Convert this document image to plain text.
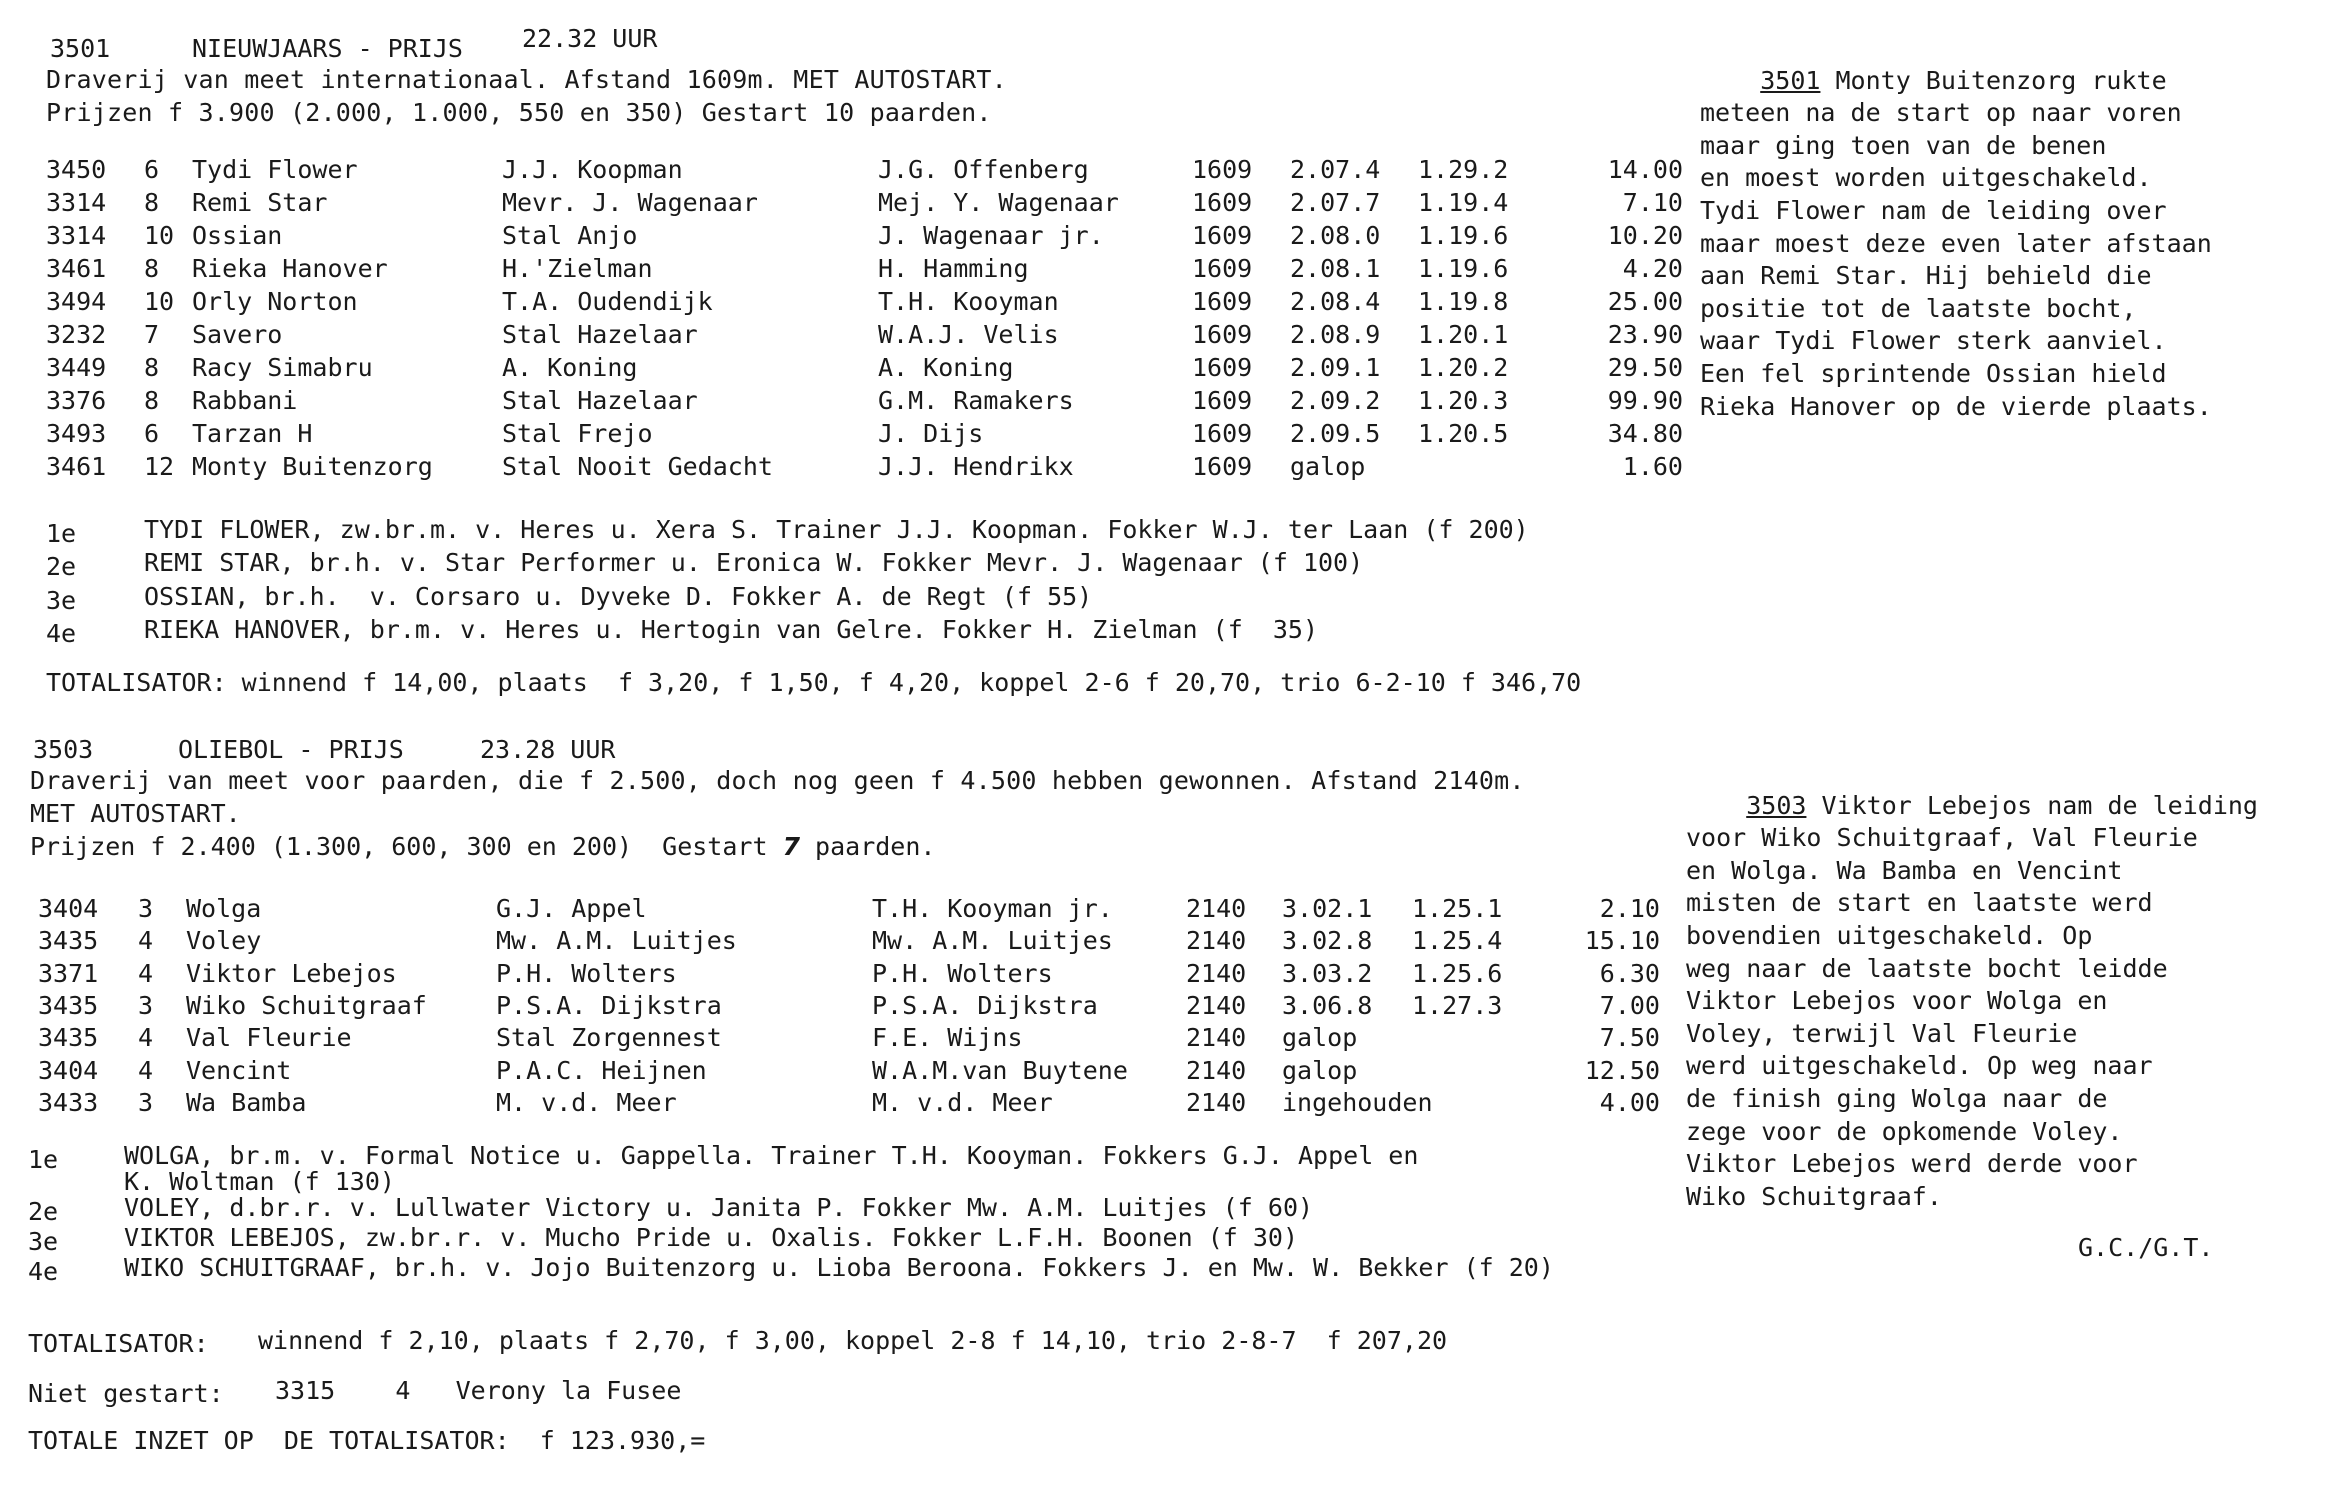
3501	NIEUWJAARS - PRIJS 22.32 UUR
Draverij van meet internationaal. Afstand 1609m. MET AUTOSTART.
Prijzen f 3.900 (2.000, 1.000, 550 en 350) Gestart 10 paarden.
3450 6 Tydi Flower	J.J. Koopman	J.G. Offenberg	1609 2.07.4 1.29.2	14.00
3314 8 Remi Star	Mevr. J. Wagenaar	Mej. Y. Wagenaar	1609 2.07.7 1.19.4	7.10
3314 10 Ossian	Stal Anjo	J. Wagenaar jr.	1609 2.08.0 1.19.6	10.20
3461 8 Rieka Hanover	H.'Zielman	H. Hamming	1609 2.08.1 1.19.6	4.20
3494 10 Orly Norton	T.A. Oudendijk	T.H. Kooyman	1609 2.08.4 1.19.8	25.00
3232 7 Savero	Stal Hazelaar	W.A.J. Velis	1609 2.08.9 1.20.1	23.90
3449 8 Racy Simabru	A. Koning	A. Koning	1609 2.09.1 1.20.2	29.50
3376 8 Rabbani	Stal Hazelaar	G.M. Ramakers	1609 2.09.2 1.20.3	99.90
3493 6 Tarzan H	Stal Frejo	J. Dijs	1609 2.09.5 1.20.5	34.80
3461 12 Monty Buitenzorg	Stal Nooit Gedacht	J.J. Hendrikx	1609 galop	1.60
1e	TYDI FLOWER, zw.br.m. v. Heres u. Xera S. Trainer J.J. Koopman. Fokker W.J. ter Laan (f 200)
2e	REMI STAR, br.h. v. Star Performer u. Eronica W. Fokker Mevr. J. Wagenaar (f 100)
3e	OSSIAN, br.h.  v. Corsaro u. Dyveke D. Fokker A. de Regt (f 55)
4e	RIEKA HANOVER, br.m. v. Heres u. Hertogin van Gelre. Fokker H. Zielman (f  35)
TOTALISATOR: winnend f 14,00, plaats  f 3,20, f 1,50, f 4,20, koppel 2-6 f 20,70, trio 6-2-10 f 346,70

3501 Monty Buitenzorg rukte
meteen na de start op naar voren
maar ging toen van de benen
en moest worden uitgeschakeld.
Tydi Flower nam de leiding over
maar moest deze even later afstaan
aan Remi Star. Hij behield die
positie tot de laatste bocht,
waar Tydi Flower sterk aanviel.
Een fel sprintende Ossian hield
Rieka Hanover op de vierde plaats.

3503	OLIEBOL - PRIJS	23.28 UUR
Draverij van meet voor paarden, die f 2.500, doch nog geen f 4.500 hebben gewonnen. Afstand 2140m.
MET AUTOSTART.
Prijzen f 2.400 (1.300, 600, 300 en 200)  Gestart 7 paarden.
3404 3 Wolga	G.J. Appel	T.H. Kooyman jr.	2140 3.02.1 1.25.1	2.10
3435 4 Voley	Mw. A.M. Luitjes	Mw. A.M. Luitjes	2140 3.02.8 1.25.4	15.10
3371 4 Viktor Lebejos	P.H. Wolters	P.H. Wolters	2140 3.03.2 1.25.6	6.30
3435 3 Wiko Schuitgraaf	P.S.A. Dijkstra	P.S.A. Dijkstra	2140 3.06.8 1.27.3	7.00
3435 4 Val Fleurie	Stal Zorgennest	F.E. Wijns	2140 galop	7.50
3404 4 Vencint	P.A.C. Heijnen	W.A.M.van Buytene 2140 galop	12.50
3433 3 Wa Bamba	M. v.d. Meer	M. v.d. Meer	2140 ingehouden	4.00
1e	WOLGA, br.m. v. Formal Notice u. Gappella. Trainer T.H. Kooyman. Fokkers G.J. Appel en
K. Woltman (f 130)
2e	VOLEY, d.br.r. v. Lullwater Victory u. Janita P. Fokker Mw. A.M. Luitjes (f 60)
3e	VIKTOR LEBEJOS, zw.br.r. v. Mucho Pride u. Oxalis. Fokker L.F.H. Boonen (f 30)
4e	WIKO SCHUITGRAAF, br.h. v. Jojo Buitenzorg u. Lioba Beroona. Fokkers J. en Mw. W. Bekker (f 20)
TOTALISATOR: winnend f 2,10, plaats f 2,70, f 3,00, koppel 2-8 f 14,10, trio 2-8-7  f 207,20
Niet gestart: 3315    4   Verony la Fusee
TOTALE INZET OP  DE TOTALISATOR:  f 123.930,=

3503 Viktor Lebejos nam de leiding
voor Wiko Schuitgraaf, Val Fleurie
en Wolga. Wa Bamba en Vencint
misten de start en laatste werd
bovendien uitgeschakeld. Op
weg naar de laatste bocht leidde
Viktor Lebejos voor Wolga en
Voley, terwijl Val Fleurie
werd uitgeschakeld. Op weg naar
de finish ging Wolga naar de
zege voor de opkomende Voley.
Viktor Lebejos werd derde voor
Wiko Schuitgraaf.

G.C./G.T.
